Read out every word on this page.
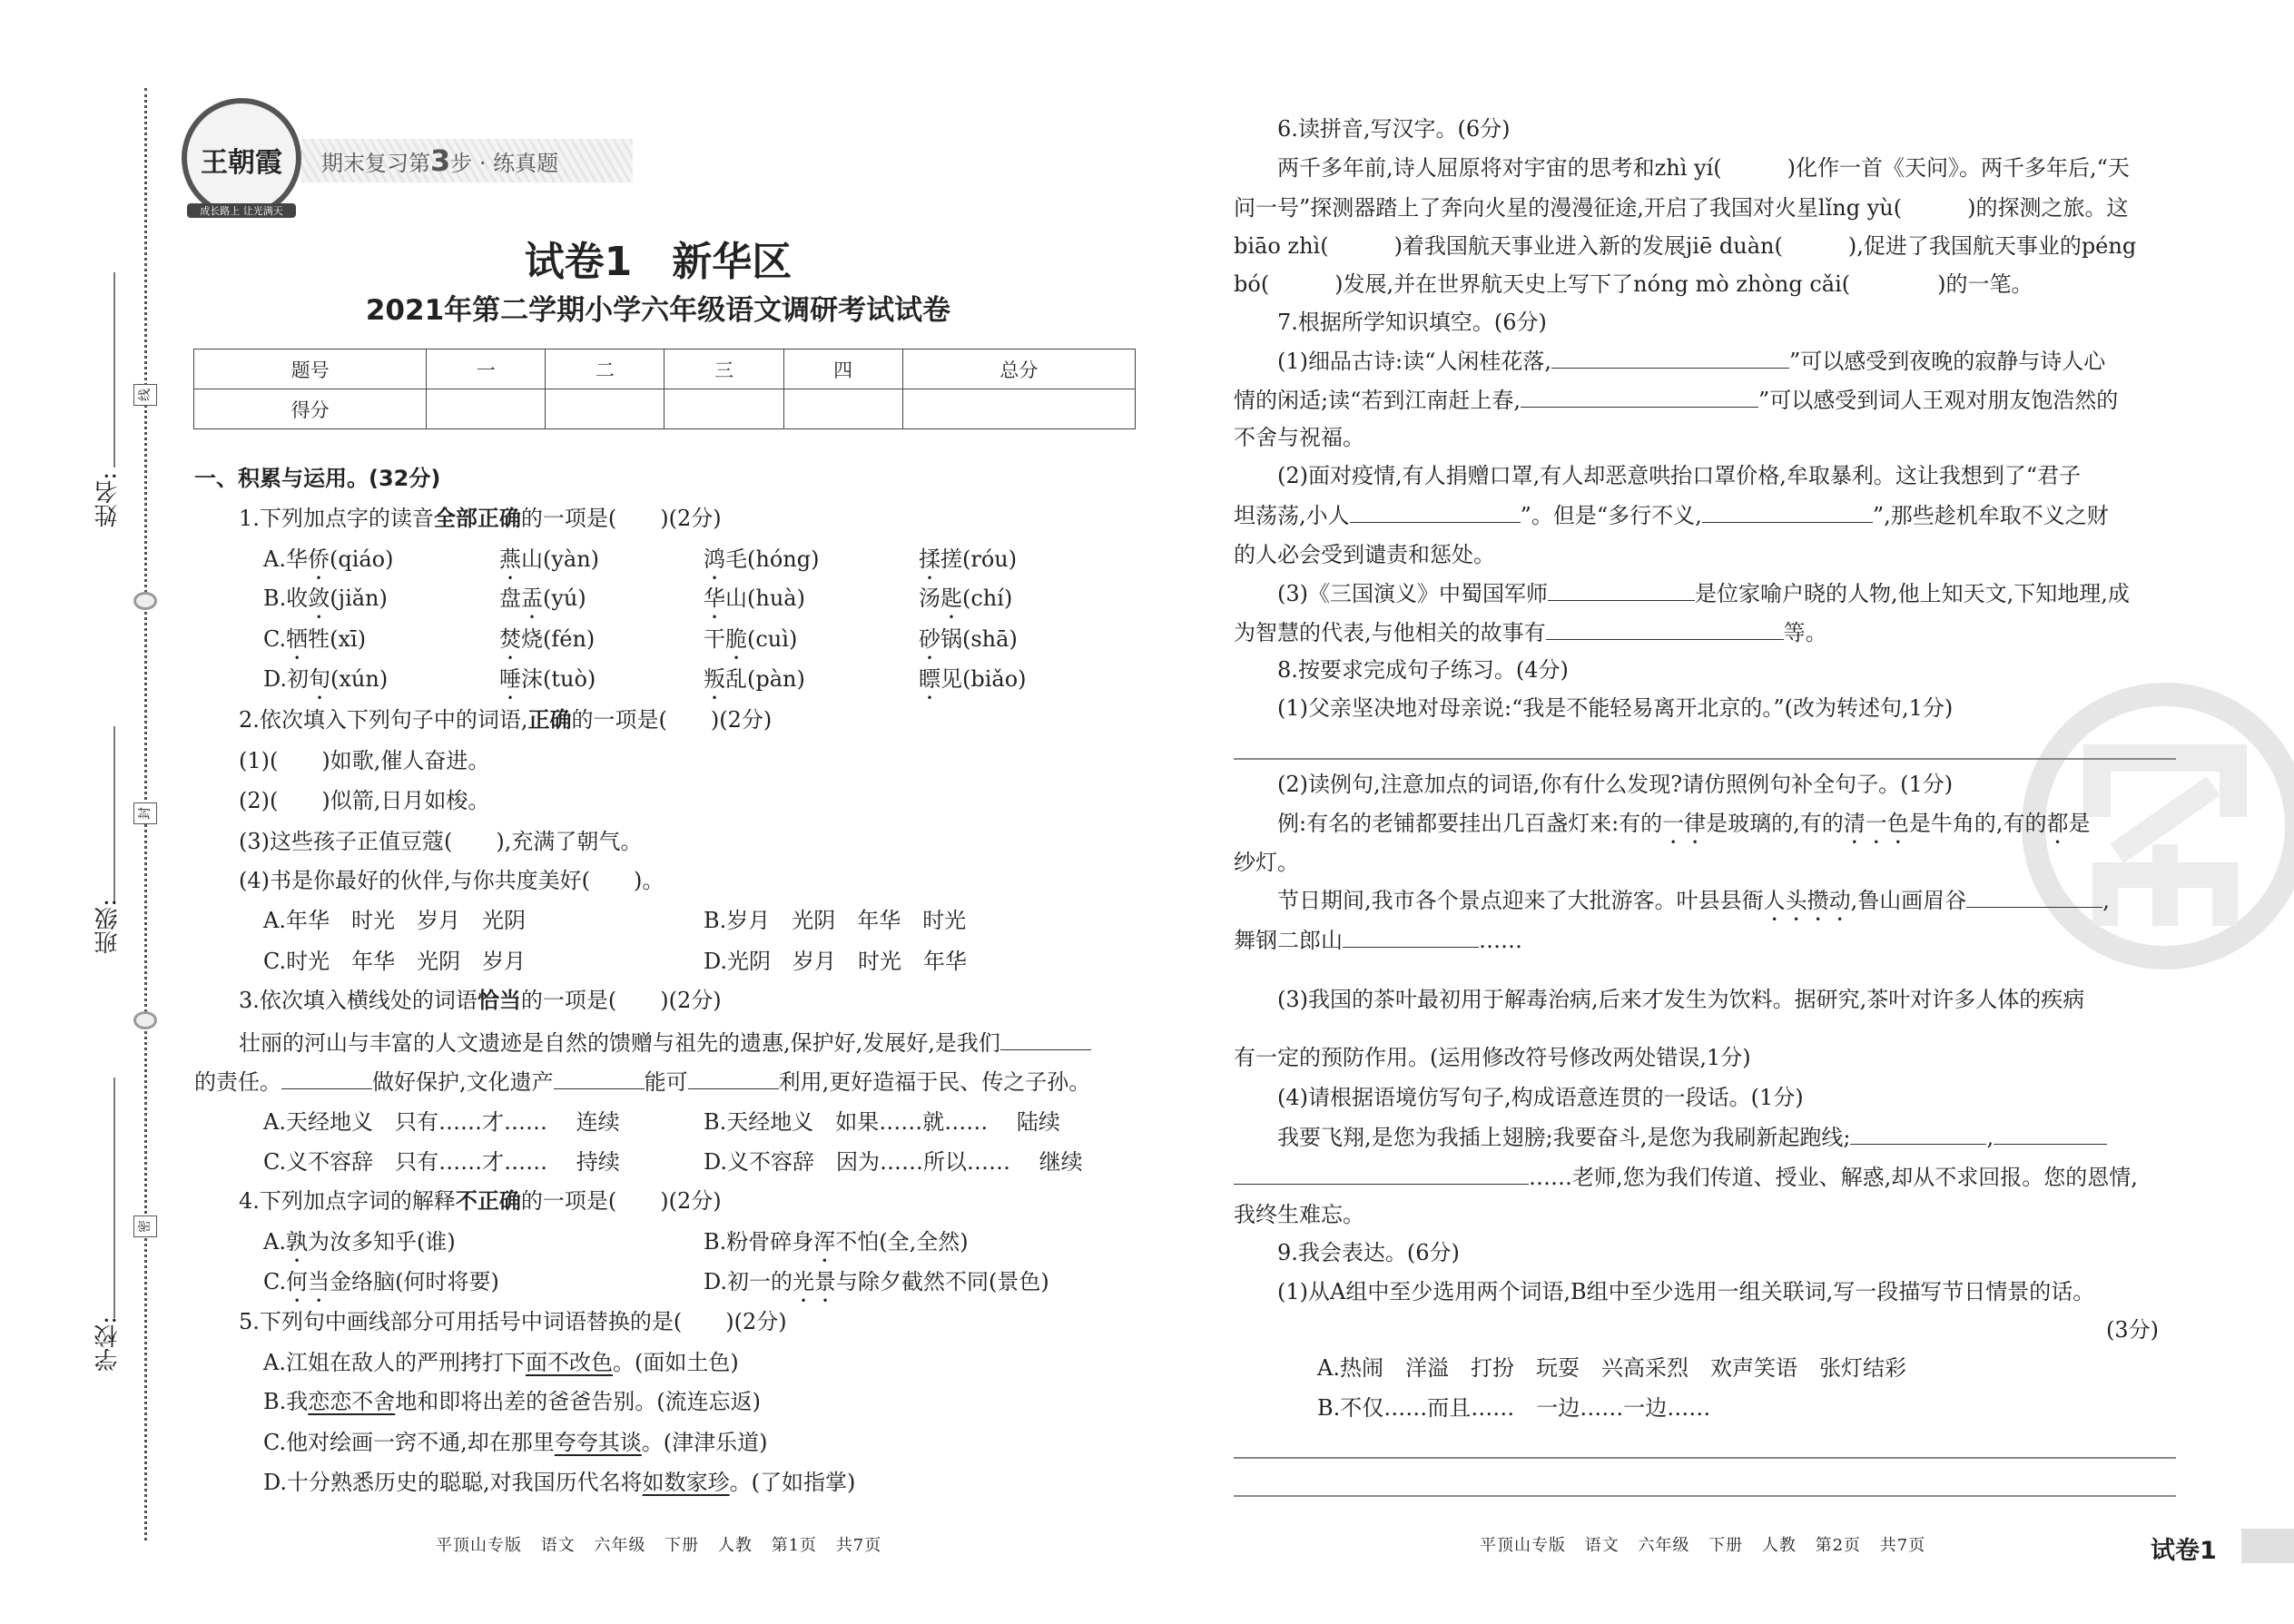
姓名:
班级:
学校:
线
封
密
王朝霞
成长路上 让光满天
期末复习第3步 · 练真题
试卷1　新华区
2021年第二学期小学六年级语文调研考试试卷
题号	一	二	三	四	总分
得分					
一、积累与运用。(32分)
1.下列加点字的读音全部正确的一项是(　　)(2分)
A.华侨(qiáo)	燕山(yàn)	鸿毛(hóng)	揉搓(róu)
B.收敛(jiǎn)	盘盂(yú)	华山(huà)	汤匙(chí)
C.牺牲(xī)	焚烧(fén)	干脆(cuì)	砂锅(shā)
D.初旬(xún)	唾沫(tuò)	叛乱(pàn)	瞟见(biǎo)
2.依次填入下列句子中的词语,正确的一项是(　　)(2分)
(1)(　　)如歌,催人奋进。
(2)(　　)似箭,日月如梭。
(3)这些孩子正值豆蔻(　　),充满了朝气。
(4)书是你最好的伙伴,与你共度美好(　　)。
A.年华　时光　岁月　光阴	B.岁月　光阴　年华　时光
C.时光　年华　光阴　岁月	D.光阴　岁月　时光　年华
3.依次填入横线处的词语恰当的一项是(　　)(2分)
壮丽的河山与丰富的人文遗迹是自然的馈赠与祖先的遗惠,保护好,发展好,是我们
的责任。	做好保护,文化遗产	能可	利用,更好造福于民、传之子孙。
A.天经地义　只有……才……　 连续	B.天经地义　如果……就……　 陆续
C.义不容辞　只有……才……　 持续	D.义不容辞　因为……所以……　 继续
4.下列加点字词的解释不正确的一项是(　　)(2分)
A.孰为汝多知乎(谁)	B.粉骨碎身浑不怕(全,全然)
C.何当金络脑(何时将要)	D.初一的光景与除夕截然不同(景色)
5.下列句中画线部分可用括号中词语替换的是(　　)(2分)
A.江姐在敌人的严刑拷打下面不改色。(面如土色)
B.我恋恋不舍地和即将出差的爸爸告别。(流连忘返)
C.他对绘画一窍不通,却在那里夸夸其谈。(津津乐道)
D.十分熟悉历史的聪聪,对我国历代名将如数家珍。(了如指掌)
平顶山专版 语文 六年级 下册 人教 第1页 共7页
6.读拼音,写汉字。(6分)
两千多年前,诗人屈原将对宇宙的思考和zhì yí(　　　)化作一首《天问》。两千多年后,“天
问一号”探测器踏上了奔向火星的漫漫征途,开启了我国对火星lǐng yù(　　　)的探测之旅。这
biāo zhì(　　　)着我国航天事业进入新的发展jiē duàn(　　　),促进了我国航天事业的péng
bó(　　　)发展,并在世界航天史上写下了nóng mò zhòng cǎi(　　　　)的一笔。
7.根据所学知识填空。(6分)
(1)细品古诗:读“人闲桂花落,	”可以感受到夜晚的寂静与诗人心
情的闲适;读“若到江南赶上春,	”可以感受到词人王观对朋友饱浩然的
不舍与祝福。
(2)面对疫情,有人捐赠口罩,有人却恶意哄抬口罩价格,牟取暴利。这让我想到了“君子
坦荡荡,小人	”。但是“多行不义,	”,那些趁机牟取不义之财
的人必会受到谴责和惩处。
(3)《三国演义》中蜀国军师	是位家喻户晓的人物,他上知天文,下知地理,成
为智慧的代表,与他相关的故事有	等。
8.按要求完成句子练习。(4分)
(1)父亲坚决地对母亲说:“我是不能轻易离开北京的。”(改为转述句,1分)
(2)读例句,注意加点的词语,你有什么发现?请仿照例句补全句子。(1分)
例:有名的老铺都要挂出几百盏灯来:有的一律是玻璃的,有的清一色是牛角的,有的都是
纱灯。
节日期间,我市各个景点迎来了大批游客。叶县县衙人头攒动,鲁山画眉谷	,
舞钢二郎山	……
(3)我国的茶叶最初用于解毒治病,后来才发生为饮料。据研究,茶叶对许多人体的疾病
有一定的预防作用。(运用修改符号修改两处错误,1分)
(4)请根据语境仿写句子,构成语意连贯的一段话。(1分)
我要飞翔,是您为我插上翅膀;我要奋斗,是您为我刷新起跑线;	,
……老师,您为我们传道、授业、解惑,却从不求回报。您的恩情,
我终生难忘。
9.我会表达。(6分)
(1)从A组中至少选用两个词语,B组中至少选用一组关联词,写一段描写节日情景的话。
(3分)
A.热闹　洋溢　打扮　玩耍　兴高采烈　欢声笑语　张灯结彩
B.不仅……而且……　一边……一边……
平顶山专版 语文 六年级 下册 人教 第2页 共7页	试卷1
